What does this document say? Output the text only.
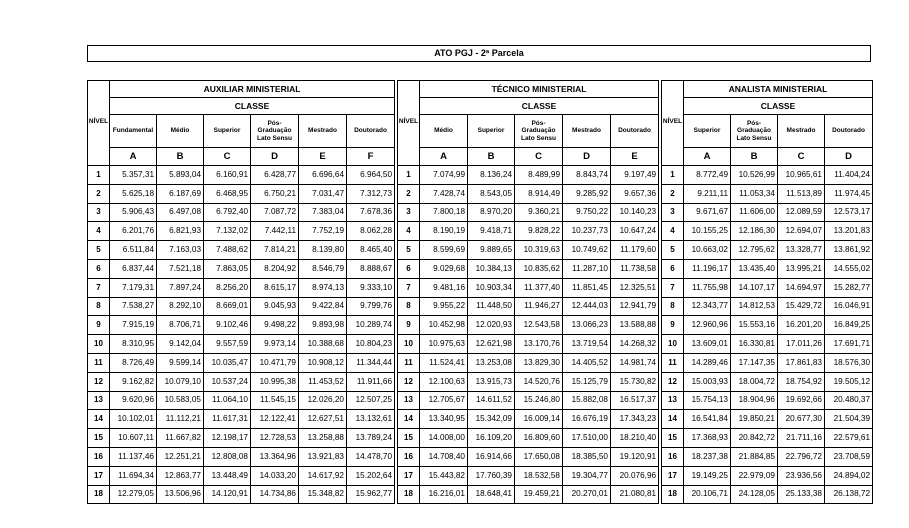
ATO PGJ - 2ª Parcela
NÍVEL	AUXILIAR MINISTERIAL					
	CLASSE					
	Fundamental	Médio	Superior	Pós-Graduação Lato Sensu	Mestrado	Doutorado
	A	B	C	D	E	F
1	5.357,31	5.893,04	6.160,91	6.428,77	6.696,64	6.964,50
2	5.625,18	6.187,69	6.468,95	6.750,21	7.031,47	7.312,73
3	5.906,43	6.497,08	6.792,40	7.087,72	7.383,04	7.678,36
4	6.201,76	6.821,93	7.132,02	7.442,11	7.752,19	8.062,28
5	6.511,84	7.163,03	7.488,62	7.814,21	8.139,80	8.465,40
6	6.837,44	7.521,18	7.863,05	8.204,92	8.546,79	8.888,67
7	7.179,31	7.897,24	8.256,20	8.615,17	8.974,13	9.333,10
8	7.538,27	8.292,10	8.669,01	9.045,93	9.422,84	9.799,76
9	7.915,19	8.706,71	9.102,46	9.498,22	9.893,98	10.289,74
10	8.310,95	9.142,04	9.557,59	9.973,14	10.388,68	10.804,23
11	8.726,49	9.599,14	10.035,47	10.471,79	10.908,12	11.344,44
12	9.162,82	10.079,10	10.537,24	10.995,38	11.453,52	11.911,66
13	9.620,96	10.583,05	11.064,10	11.545,15	12.026,20	12.507,25
14	10.102,01	11.112,21	11.617,31	12.122,41	12.627,51	13.132,61
15	10.607,11	11.667,82	12.198,17	12.728,53	13.258,88	13.789,24
16	11.137,46	12.251,21	12.808,08	13.364,96	13.921,83	14.478,70
17	11.694,34	12.863,77	13.448,49	14.033,20	14.617,92	15.202,64
18	12.279,05	13.506,96	14.120,91	14.734,86	15.348,82	15.962,77
NÍVEL	TÉCNICO MINISTERIAL				
	CLASSE				
	Médio	Superior	Pós-Graduação Lato Sensu	Mestrado	Doutorado
	A	B	C	D	E
1	7.074,99	8.136,24	8.489,99	8.843,74	9.197,49
2	7.428,74	8.543,05	8.914,49	9.285,92	9.657,36
3	7.800,18	8.970,20	9.360,21	9.750,22	10.140,23
4	8.190,19	9.418,71	9.828,22	10.237,73	10.647,24
5	8.599,69	9.889,65	10.319,63	10.749,62	11.179,60
6	9.029,68	10.384,13	10.835,62	11.287,10	11.738,58
7	9.481,16	10.903,34	11.377,40	11.851,45	12.325,51
8	9.955,22	11.448,50	11.946,27	12.444,03	12.941,79
9	10.452,98	12.020,93	12.543,58	13.066,23	13.588,88
10	10.975,63	12.621,98	13.170,76	13.719,54	14.268,32
11	11.524,41	13.253,08	13.829,30	14.405,52	14.981,74
12	12.100,63	13.915,73	14.520,76	15.125,79	15.730,82
13	12.705,67	14.611,52	15.246,80	15.882,08	16.517,37
14	13.340,95	15.342,09	16.009,14	16.676,19	17.343,23
15	14.008,00	16.109,20	16.809,60	17.510,00	18.210,40
16	14.708,40	16.914,66	17.650,08	18.385,50	19.120,91
17	15.443,82	17.760,39	18.532,58	19.304,77	20.076,96
18	16.216,01	18.648,41	19.459,21	20.270,01	21.080,81
NÍVEL	ANALISTA MINISTERIAL			
	CLASSE			
	Superior	Pós-Graduação Lato Sensu	Mestrado	Doutorado
	A	B	C	D
1	8.772,49	10.526,99	10.965,61	11.404,24
2	9.211,11	11.053,34	11.513,89	11.974,45
3	9.671,67	11.606,00	12.089,59	12.573,17
4	10.155,25	12.186,30	12.694,07	13.201,83
5	10.663,02	12.795,62	13.328,77	13.861,92
6	11.196,17	13.435,40	13.995,21	14.555,02
7	11.755,98	14.107,17	14.694,97	15.282,77
8	12.343,77	14.812,53	15.429,72	16.046,91
9	12.960,96	15.553,16	16.201,20	16.849,25
10	13.609,01	16.330,81	17.011,26	17.691,71
11	14.289,46	17.147,35	17.861,83	18.576,30
12	15.003,93	18.004,72	18.754,92	19.505,12
13	15.754,13	18.904,96	19.692,66	20.480,37
14	16.541,84	19.850,21	20.677,30	21.504,39
15	17.368,93	20.842,72	21.711,16	22.579,61
16	18.237,38	21.884,85	22.796,72	23.708,59
17	19.149,25	22.979,09	23.936,56	24.894,02
18	20.106,71	24.128,05	25.133,38	26.138,72
